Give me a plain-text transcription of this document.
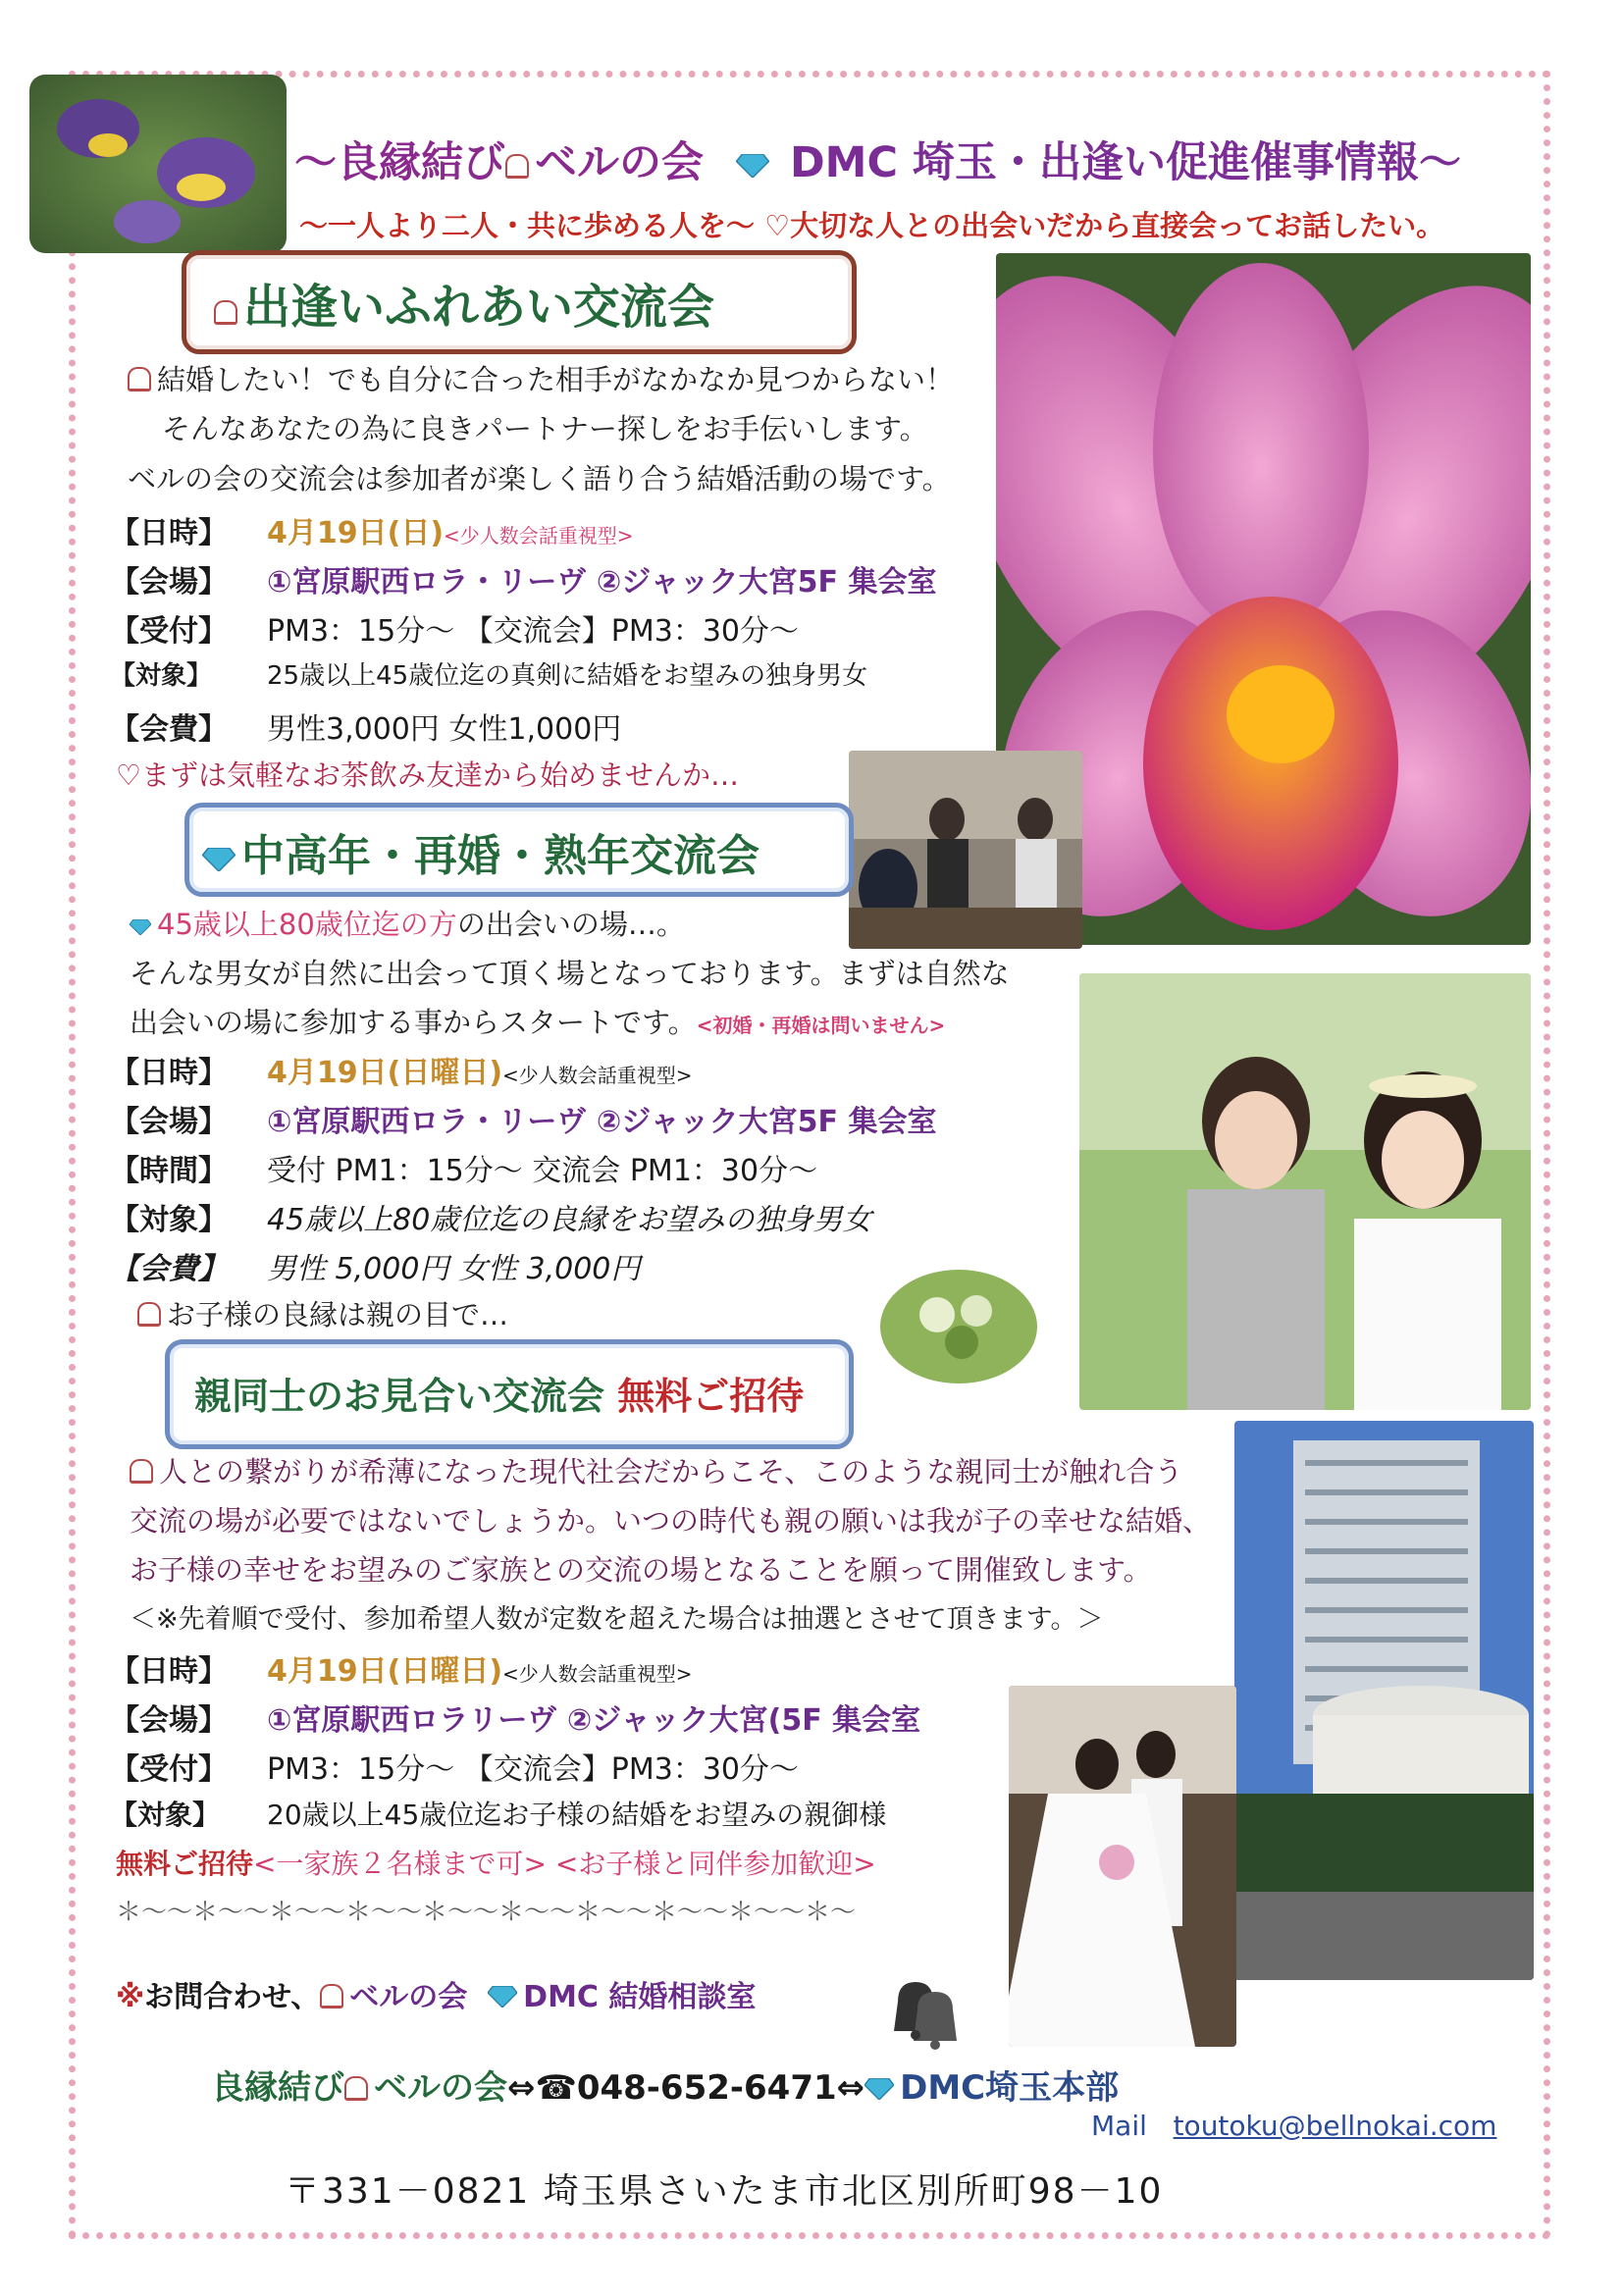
～良縁結び ベルの会 DMC 埼玉・出逢い促進催事情報～
～一人より二人・共に歩める人を～ ♡大切な人との出会いだから直接会ってお話したい。
出逢いふれあい交流会
結婚したい！でも自分に合った相手がなかなか見つからない！
そんなあなたの為に良きパートナー探しをお手伝いします。
ベルの会の交流会は参加者が楽しく語り合う結婚活動の場です。
【日時】 4月19日(日)<少人数会話重視型>
【会場】 ①宮原駅西ロラ・リーヴ ②ジャック大宮5F 集会室
【受付】 PM3：15分～ 【交流会】PM3：30分～
【対象】 25歳以上45歳位迄の真剣に結婚をお望みの独身男女
【会費】 男性3,000円 女性1,000円
♡まずは気軽なお茶飲み友達から始めませんか…
中高年・再婚・熟年交流会
45歳以上80歳位迄の方の出会いの場…。
そんな男女が自然に出会って頂く場となっております。まずは自然な
出会いの場に参加する事からスタートです。<初婚・再婚は問いません>
【日時】 4月19日(日曜日)<少人数会話重視型>
【会場】 ①宮原駅西ロラ・リーヴ ②ジャック大宮5F 集会室
【時間】 受付 PM1：15分～ 交流会 PM1：30分～
【対象】 45歳以上80歳位迄の良縁をお望みの独身男女
【会費】 男性 5,000円 女性 3,000円
お子様の良縁は親の目で…
親同士のお見合い交流会 無料ご招待
人との繋がりが希薄になった現代社会だからこそ、このような親同士が触れ合う
交流の場が必要ではないでしょうか。いつの時代も親の願いは我が子の幸せな結婚、
お子様の幸せをお望みのご家族との交流の場となることを願って開催致します。
＜※先着順で受付、参加希望人数が定数を超えた場合は抽選とさせて頂きます。＞
【日時】 4月19日(日曜日)<少人数会話重視型>
【会場】 ①宮原駅西ロラリーヴ ②ジャック大宮(5F 集会室
【受付】 PM3：15分～ 【交流会】PM3：30分～
【対象】 20歳以上45歳位迄お子様の結婚をお望みの親御様
無料ご招待<一家族２名様まで可> <お子様と同伴参加歓迎>
＊～～＊～～＊～～＊～～＊～～＊～～＊～～＊～～＊～～＊～
※お問合わせ、 ベルの会 DMC 結婚相談室
良縁結び ベルの会⇔☎048-652-6471⇔ DMC埼玉本部
Mail toutoku@bellnokai.com
〒331－0821 埼玉県さいたま市北区別所町98－10
